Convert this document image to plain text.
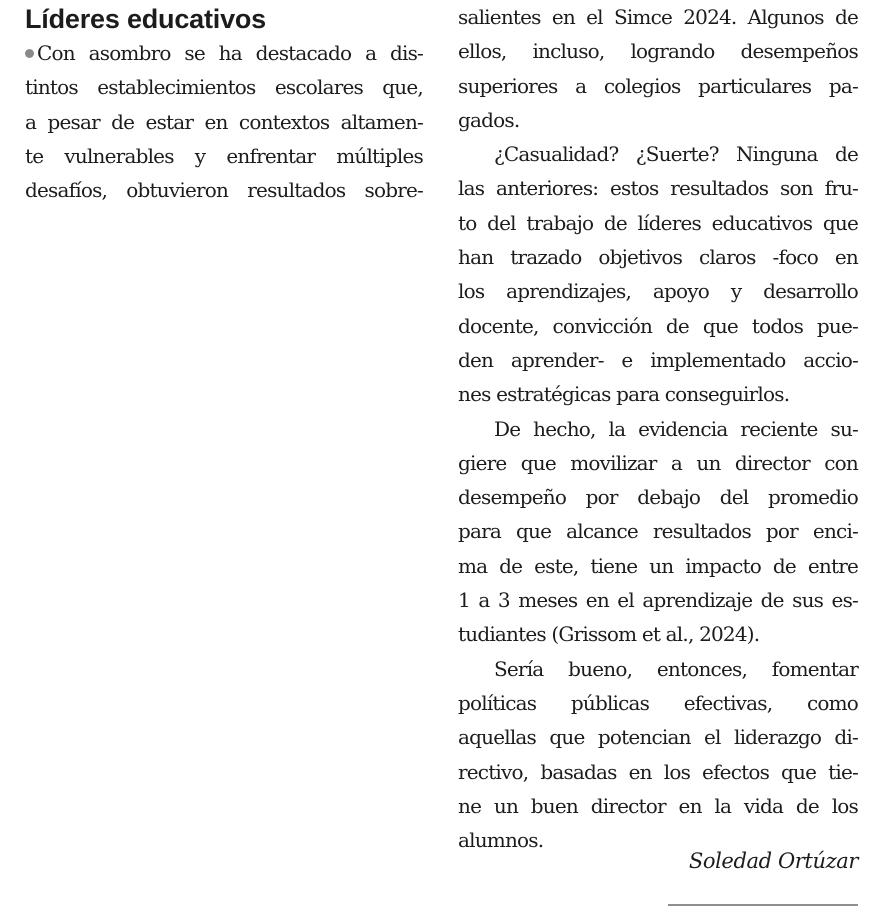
Líderes educativos
Con asombro se ha destacado a dis-
tintos establecimientos escolares que,
a pesar de estar en contextos altamen-
te vulnerables y enfrentar múltiples
desafíos, obtuvieron resultados sobre-
salientes en el Simce 2024. Algunos de
ellos, incluso, logrando desempeños
superiores a colegios particulares pa-
gados.
¿Casualidad? ¿Suerte? Ninguna de
las anteriores: estos resultados son fru-
to del trabajo de líderes educativos que
han trazado objetivos claros -foco en
los aprendizajes, apoyo y desarrollo
docente, convicción de que todos pue-
den aprender- e implementado accio-
nes estratégicas para conseguirlos.
De hecho, la evidencia reciente su-
giere que movilizar a un director con
desempeño por debajo del promedio
para que alcance resultados por enci-
ma de este, tiene un impacto de entre
1 a 3 meses en el aprendizaje de sus es-
tudiantes (Grissom et al., 2024).
Sería bueno, entonces, fomentar
políticas públicas efectivas, como
aquellas que potencian el liderazgo di-
rectivo, basadas en los efectos que tie-
ne un buen director en la vida de los
alumnos.
Soledad Ortúzar
